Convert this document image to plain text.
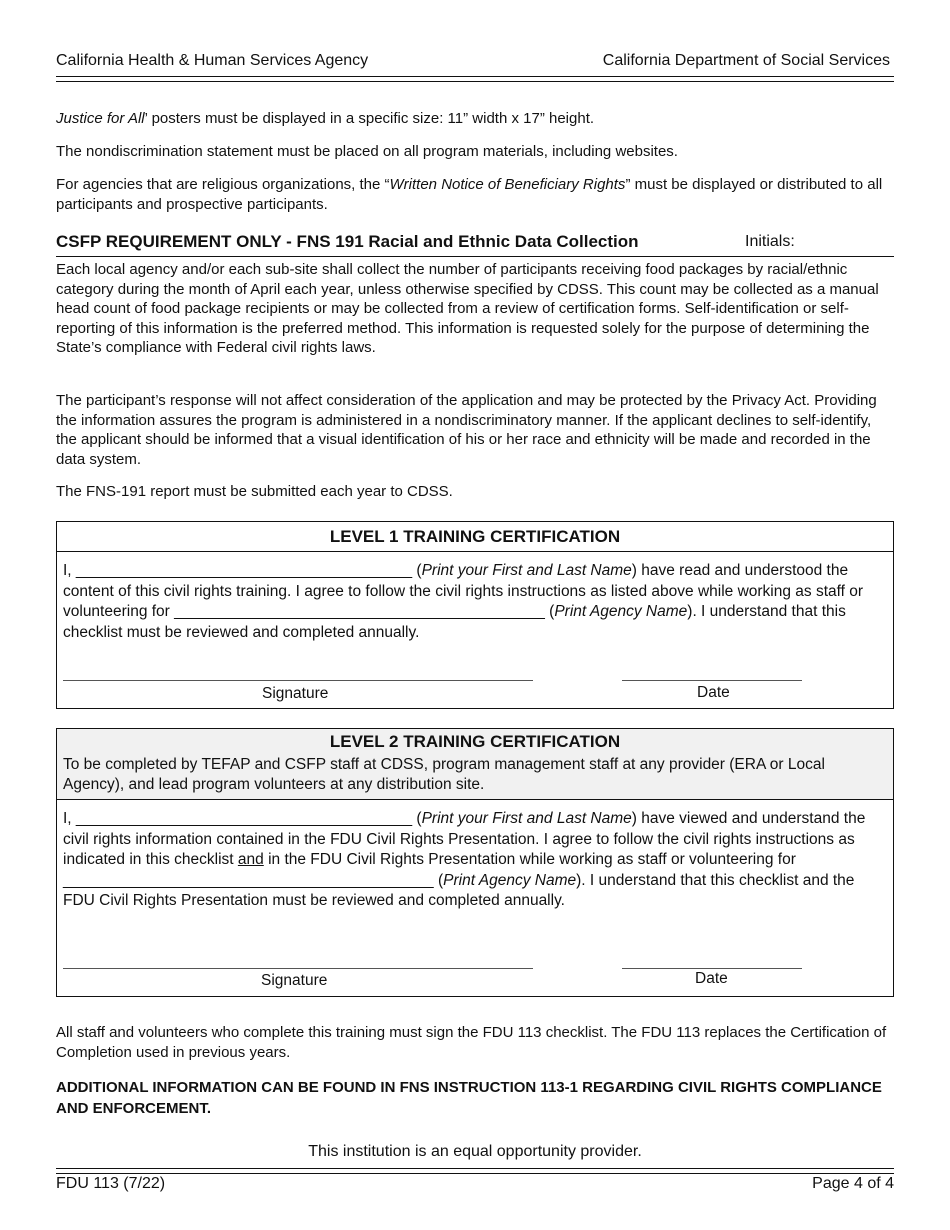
California Health & Human Services Agency	California Department of Social Services

Justice for All’ posters must be displayed in a specific size: 11” width x 17” height.

The nondiscrimination statement must be placed on all program materials, including websites.

For agencies that are religious organizations, the “Written Notice of Beneficiary Rights” must be displayed or distributed to all participants and prospective participants.

CSFP REQUIREMENT ONLY - FNS 191 Racial and Ethnic Data Collection	Initials:

Each local agency and/or each sub-site shall collect the number of participants receiving food packages by racial/ethnic category during the month of April each year, unless otherwise specified by CDSS. This count may be collected as a manual head count of food package recipients or may be collected from a review of certification forms. Self-identification or self-reporting of this information is the preferred method. This information is requested solely for the purpose of determining the State’s compliance with Federal civil rights laws.

The participant’s response will not affect consideration of the application and may be protected by the Privacy Act. Providing the information assures the program is administered in a nondiscriminatory manner. If the applicant declines to self-identify, the applicant should be informed that a visual identification of his or her race and ethnicity will be made and recorded in the data system.

The FNS-191 report must be submitted each year to CDSS.

LEVEL 1 TRAINING CERTIFICATION

I, _______________________________________ (Print your First and Last Name) have read and understood the content of this civil rights training. I agree to follow the civil rights instructions as listed above while working as staff or volunteering for ___________________________________________ (Print Agency Name). I understand that this checklist must be reviewed and completed annually.

Signature	Date
LEVEL 2 TRAINING CERTIFICATION

To be completed by TEFAP and CSFP staff at CDSS, program management staff at any provider (ERA or Local Agency), and lead program volunteers at any distribution site.

I, _______________________________________ (Print your First and Last Name) have viewed and understand the civil rights information contained in the FDU Civil Rights Presentation. I agree to follow the civil rights instructions as indicated in this checklist and in the FDU Civil Rights Presentation while working as staff or volunteering for ___________________________________________ (Print Agency Name). I understand that this checklist and the FDU Civil Rights Presentation must be reviewed and completed annually.

Signature	Date

All staff and volunteers who complete this training must sign the FDU 113 checklist. The FDU 113 replaces the Certification of Completion used in previous years.

ADDITIONAL INFORMATION CAN BE FOUND IN FNS INSTRUCTION 113-1 REGARDING CIVIL RIGHTS COMPLIANCE AND ENFORCEMENT.

This institution is an equal opportunity provider.
FDU 113 (7/22)	Page 4 of 4
